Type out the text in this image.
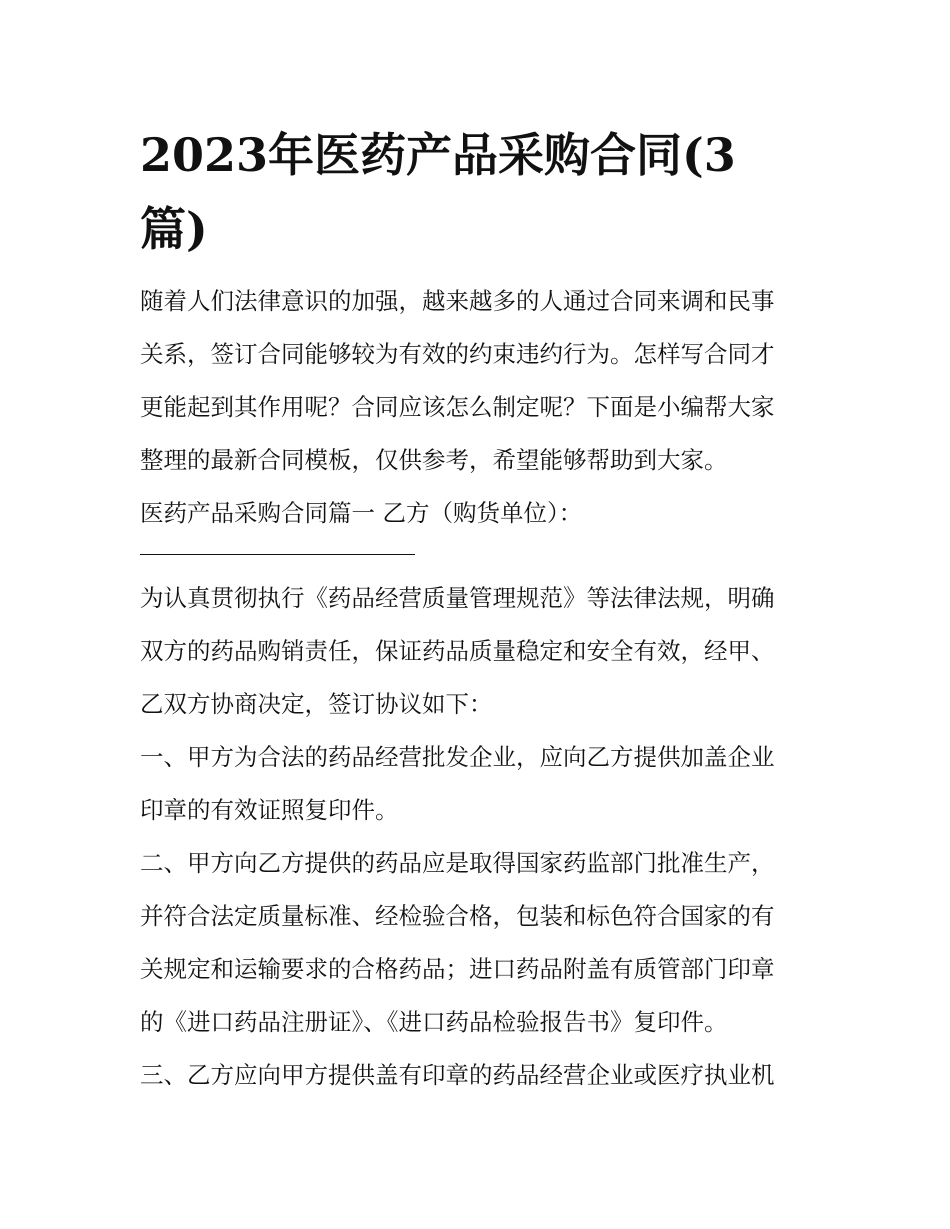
2023年医药产品采购合同(3
篇)

随着人们法律意识的加强，越来越多的人通过合同来调和民事

关系，签订合同能够较为有效的约束违约行为。怎样写合同才

更能起到其作用呢？合同应该怎么制定呢？下面是小编帮大家

整理的最新合同模板，仅供参考，希望能够帮助到大家。

医药产品采购合同篇一 乙方（购货单位）：

为认真贯彻执行《药品经营质量管理规范》等法律法规，明确

双方的药品购销责任，保证药品质量稳定和安全有效，经甲、

乙双方协商决定，签订协议如下：

一、甲方为合法的药品经营批发企业，应向乙方提供加盖企业

印章的有效证照复印件。

二、甲方向乙方提供的药品应是取得国家药监部门批准生产，

并符合法定质量标准、经检验合格，包装和标色符合国家的有

关规定和运输要求的合格药品；进口药品附盖有质管部门印章

的《进口药品注册证》、《进口药品检验报告书》复印件。

三、乙方应向甲方提供盖有印章的药品经营企业或医疗执业机
